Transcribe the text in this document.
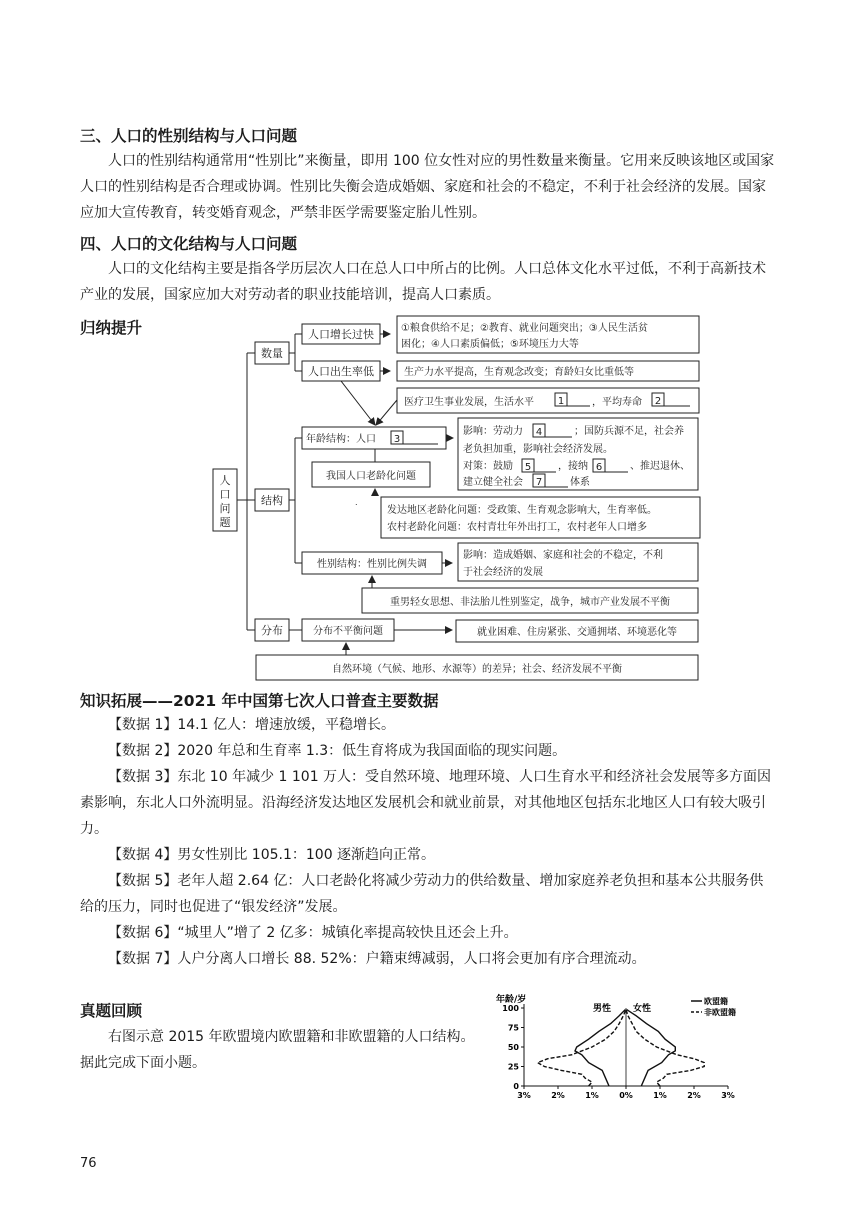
三、人口的性别结构与人口问题
人口的性别结构通常用“性别比”来衡量，即用 100 位女性对应的男性数量来衡量。它用来反映该地区或国家
人口的性别结构是否合理或协调。性别比失衡会造成婚姻、家庭和社会的不稳定，不利于社会经济的发展。国家
应加大宣传教育，转变婚育观念，严禁非医学需要鉴定胎儿性别。
四、人口的文化结构与人口问题
人口的文化结构主要是指各学历层次人口在总人口中所占的比例。人口总体文化水平过低，不利于高新技术
产业的发展，国家应加大对劳动者的职业技能培训，提高人口素质。
归纳提升
人
口
问
题
数量
结构
分布
人口增长过快
人口出生率低
①粮食供给不足；②教育、就业问题突出；③人民生活贫
困化；④人口素质偏低；⑤环境压力大等
生产力水平提高，生育观念改变；育龄妇女比重低等
医疗卫生事业发展，生活水平	，平均寿命
年龄结构：人口
我国人口老龄化问题
影响：劳动力	；国防兵源不足，社会养
老负担加重，影响社会经济发展。
对策：鼓励	，接纳	、推迟退休、
建立健全社会	体系
发达地区老龄化问题：受政策、生育观念影响大，生育率低。
农村老龄化问题：农村青壮年外出打工，农村老年人口增多
性别结构：性别比例失调
影响：造成婚姻、家庭和社会的不稳定，不利
于社会经济的发展
重男轻女思想、非法胎儿性别鉴定，战争，城市产业发展不平衡
分布不平衡问题	就业困难、住房紧张、交通拥堵、环境恶化等
自然环境（气候、地形、水源等）的差异；社会、经济发展不平衡
.
1	2
3
4
5	6
7
知识拓展——2021 年中国第七次人口普查主要数据
【数据 1】14.1 亿人：增速放缓，平稳增长。
【数据 2】2020 年总和生育率 1.3：低生育将成为我国面临的现实问题。
【数据 3】东北 10 年减少 1 101 万人：受自然环境、地理环境、人口生育水平和经济社会发展等多方面因
素影响，东北人口外流明显。沿海经济发达地区发展机会和就业前景，对其他地区包括东北地区人口有较大吸引
力。
【数据 4】男女性别比 105.1：100 逐渐趋向正常。
【数据 5】老年人超 2.64 亿：人口老龄化将减少劳动力的供给数量、增加家庭养老负担和基本公共服务供
给的压力，同时也促进了“银发经济”发展。
【数据 6】“城里人”增了 2 亿多：城镇化率提高较快且还会上升。
【数据 7】人户分离人口增长 88. 52%：户籍束缚减弱，人口将会更加有序合理流动。
真题回顾
右图示意 2015 年欧盟境内欧盟籍和非欧盟籍的人口结构。
据此完成下面小题。
年龄/岁
100
75
50
25
0
3%	2%	1%	0%	1%	2%	3%
男性 女性
欧盟籍
非欧盟籍
76
